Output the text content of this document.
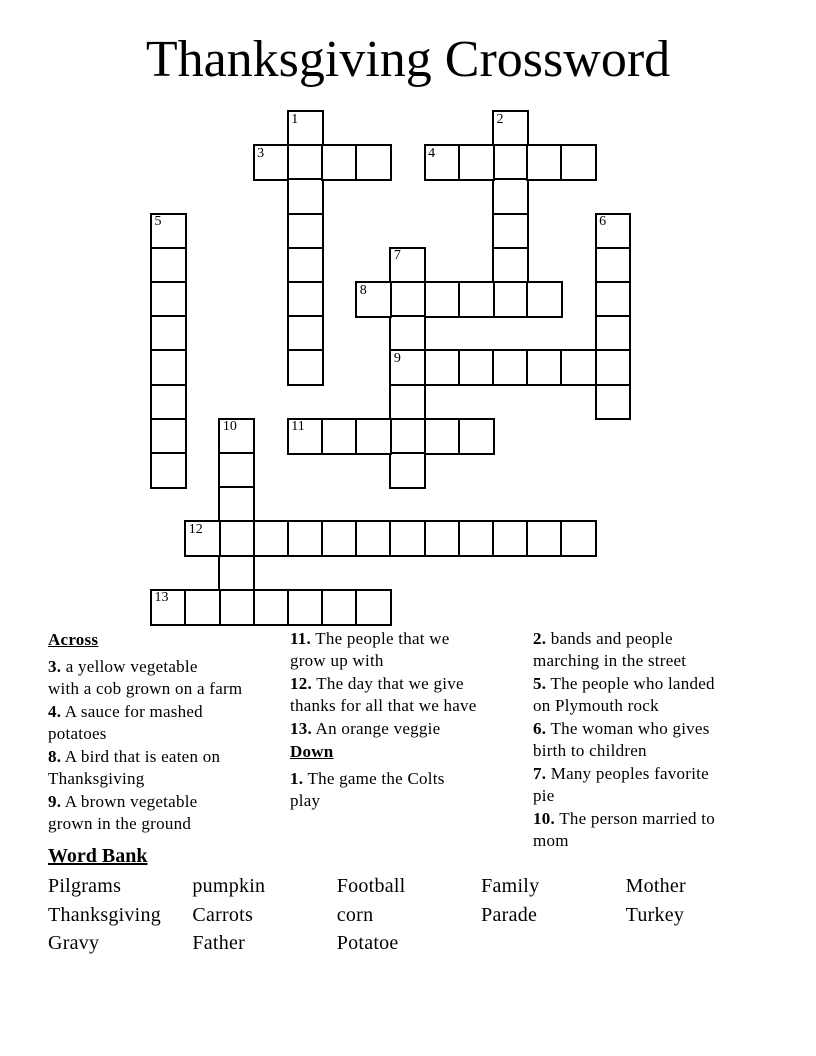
Thanksgiving Crossword
1	2
3	4
5	6
7
9
8
10	11
12
13
Across
3. a yellow vegetable
with a cob grown on a farm
4. A sauce for mashed
potatoes
8. A bird that is eaten on
Thanksgiving
9. A brown vegetable
grown in the ground
11. The people that we
grow up with
12. The day that we give
thanks for all that we have
13. An orange veggie
Down
1. The game the Colts
play
2. bands and people
marching in the street
5. The people who landed
on Plymouth rock
6. The woman who gives
birth to children
7. Many peoples favorite
pie
10. The person married to
mom
Word Bank
Pilgrams	pumpkin	Football	Family	Mother
Thanksgiving	Carrots	corn	Parade	Turkey
Gravy	Father	Potatoe
